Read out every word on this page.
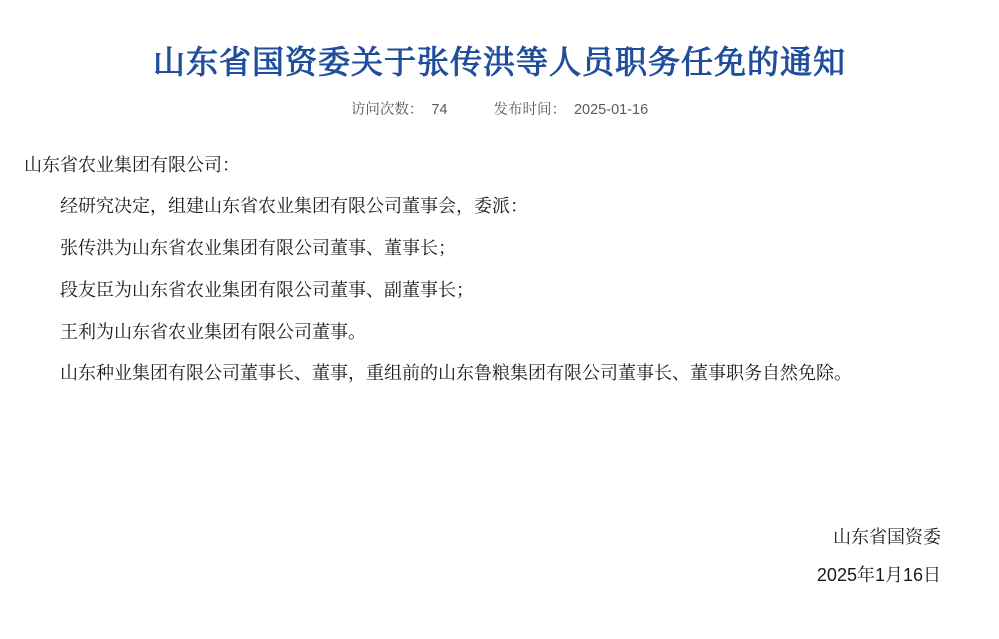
山东省国资委关于张传洪等人员职务任免的通知
访问次数： 74	发布时间： 2025-01-16

山东省农业集团有限公司：

经研究决定，组建山东省农业集团有限公司董事会，委派：

张传洪为山东省农业集团有限公司董事、董事长；

段友臣为山东省农业集团有限公司董事、副董事长；

王利为山东省农业集团有限公司董事。

山东种业集团有限公司董事长、董事，重组前的山东鲁粮集团有限公司董事长、董事职务自然免除。

山东省国资委
2025年1月16日
